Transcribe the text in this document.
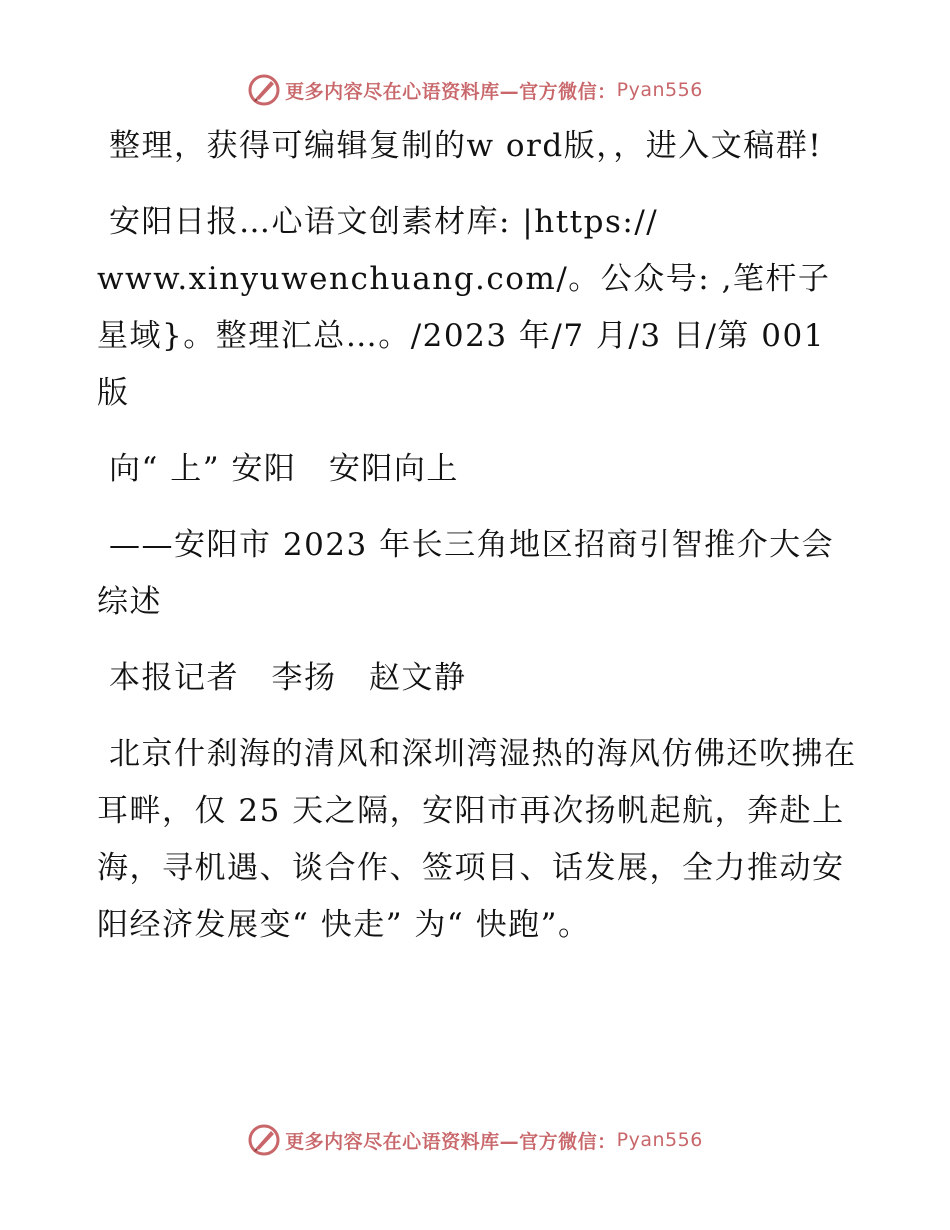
更多内容尽在心语资料库—官方微信： Pyan556
整理，获得可编辑复制的w ord版，，进入文稿群!
安阳日报…心语文创素材库: |https:// www.xinyuwenchuang.com/。公众号: ,笔杆子星域}。整理汇总…。/2023 年/7 月/3 日/第 001 版
向“ 上” 安阳　安阳向上
——安阳市 2023 年长三角地区招商引智推介大会综述
本报记者　李扬　赵文静
北京什刹海的清风和深圳湾湿热的海风仿佛还吹拂在耳畔，仅 25 天之隔，安阳市再次扬帆起航，奔赴上海，寻机遇、谈合作、签项目、话发展，全力推动安阳经济发展变“ 快走” 为“ 快跑”。
更多内容尽在心语资料库—官方微信： Pyan556
